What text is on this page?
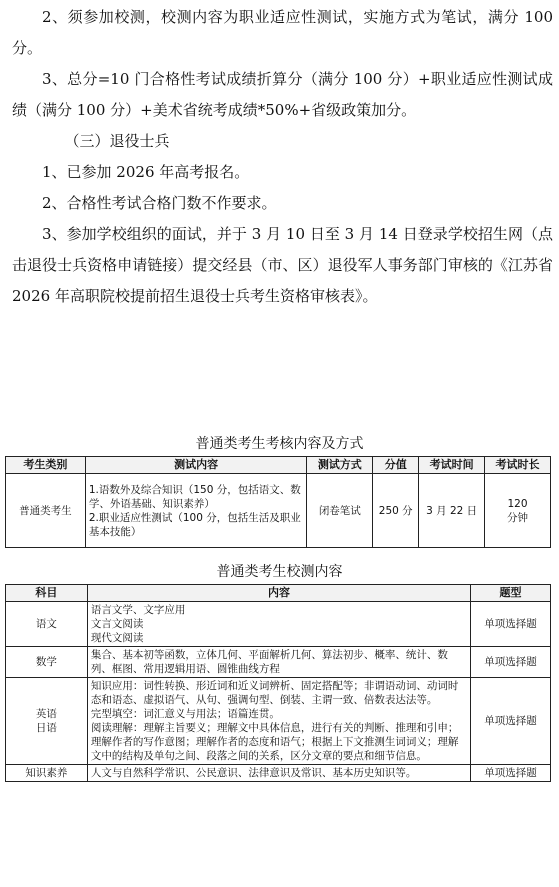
2、须参加校测，校测内容为职业适应性测试，实施方式为笔试，满分 100 分。

3、总分=10 门合格性考试成绩折算分（满分 100 分）+职业适应性测试成绩（满分 100 分）+美术省统考成绩*50%+省级政策加分。

（三）退役士兵

1、已参加 2026 年高考报名。

2、合格性考试合格门数不作要求。

3、参加学校组织的面试，并于 3 月 10 日至 3 月 14 日登录学校招生网（点击退役士兵资格申请链接）提交经县（市、区）退役军人事务部门审核的《江苏省 2026 年高职院校提前招生退役士兵考生资格审核表》。

普通类考生考核内容及方式
考生类别	测试内容	测试方式	分值	考试时间	考试时长
普通类考生	1.语数外及综合知识（150 分，包括语文、数学、外语基础、知识素养）
2.职业适应性测试（100 分，包括生活及职业基本技能）	闭卷笔试	250 分	3 月 22 日	120
分钟
普通类考生校测内容
科目	内容	题型
语文	语言文学、文字应用
文言文阅读
现代文阅读	单项选择题
数学	集合、基本初等函数，立体几何、平面解析几何、算法初步、概率、统计、数列、框图、常用逻辑用语、圆锥曲线方程	单项选择题
英语
日语	知识应用：词性转换、形近词和近义词辨析、固定搭配等；非谓语动词、动词时态和语态、虚拟语气、从句、强调句型、倒装、主谓一致、倍数表达法等。
完型填空：词汇意义与用法；语篇连贯。
阅读理解：理解主旨要义；理解文中具体信息，进行有关的判断、推理和引申；理解作者的写作意图；理解作者的态度和语气；根据上下文推测生词词义；理解文中的结构及单句之间、段落之间的关系，区分文章的要点和细节信息。	单项选择题
知识素养	人文与自然科学常识、公民意识、法律意识及常识、基本历史知识等。	单项选择题
